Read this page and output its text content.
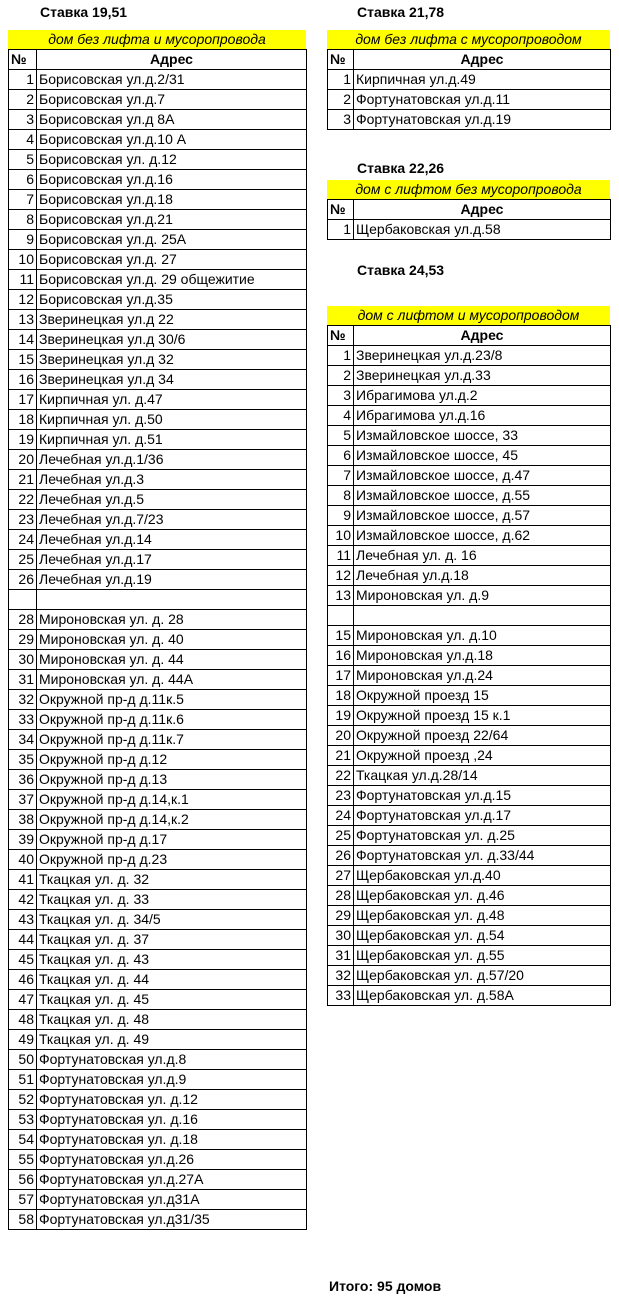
Ставка 19,51
дом без лифта и мусоропровода
№	Адрес
1	Борисовская ул.д.2/31
2	Борисовская ул.д.7
3	Борисовская ул.д 8А
4	Борисовская ул.д.10 А
5	Борисовская ул. д.12
6	Борисовская ул.д.16
7	Борисовская ул.д.18
8	Борисовская ул.д.21
9	Борисовская ул.д. 25А
10	Борисовская ул.д. 27
11	Борисовская ул.д. 29 общежитие
12	Борисовская ул.д.35
13	Зверинецкая ул.д 22
14	Зверинецкая ул.д 30/6
15	Зверинецкая ул.д 32
16	Зверинецкая ул.д 34
17	Кирпичная ул. д.47
18	Кирпичная ул. д.50
19	Кирпичная ул. д.51
20	Лечебная ул.д.1/36
21	Лечебная ул.д.3
22	Лечебная ул.д.5
23	Лечебная ул.д.7/23
24	Лечебная ул.д.14
25	Лечебная ул.д.17
26	Лечебная ул.д.19

28	Мироновская ул. д. 28
29	Мироновская ул. д. 40
30	Мироновская ул. д. 44
31	Мироновская ул. д. 44А
32	Окружной пр-д д.11к.5
33	Окружной пр-д д.11к.6
34	Окружной пр-д д.11к.7
35	Окружной пр-д д.12
36	Окружной пр-д д.13
37	Окружной пр-д д.14,к.1
38	Окружной пр-д д.14,к.2
39	Окружной пр-д д.17
40	Окружной пр-д д.23
41	Ткацкая ул. д. 32
42	Ткацкая ул. д. 33
43	Ткацкая ул. д. 34/5
44	Ткацкая ул. д. 37
45	Ткацкая ул. д. 43
46	Ткацкая ул. д. 44
47	Ткацкая ул. д. 45
48	Ткацкая ул. д. 48
49	Ткацкая ул. д. 49
50	Фортунатовская ул.д.8
51	Фортунатовская ул.д.9
52	Фортунатовская ул. д.12
53	Фортунатовская ул. д.16
54	Фортунатовская ул. д.18
55	Фортунатовская ул.д.26
56	Фортунатовская ул.д.27А
57	Фортунатовская ул.д31А
58	Фортунатовская ул.д31/35
Ставка 21,78
дом без лифта с мусоропроводом
№	Адрес
1	Кирпичная ул.д.49
2	Фортунатовская ул.д.11
3	Фортунатовская ул.д.19
Ставка 22,26
дом с лифтом без мусоропровода
№	Адрес
1	Щербаковская ул.д.58
Ставка 24,53
дом с лифтом и мусоропроводом
№	Адрес
1	Зверинецкая ул.д.23/8
2	Зверинецкая ул.д.33
3	Ибрагимова ул.д.2
4	Ибрагимова ул.д.16
5	Измайловское шоссе, 33
6	Измайловское шоссе, 45
7	Измайловское шоссе, д.47
8	Измайловское шоссе, д.55
9	Измайловское шоссе, д.57
10	Измайловское шоссе, д.62
11	Лечебная ул. д. 16
12	Лечебная ул.д.18
13	Мироновская ул. д.9

15	Мироновская ул. д.10
16	Мироновская ул.д.18
17	Мироновская ул.д.24
18	Окружной проезд 15
19	Окружной проезд 15 к.1
20	Окружной проезд 22/64
21	Окружной проезд ,24
22	Ткацкая ул.д.28/14
23	Фортунатовская ул.д.15
24	Фортунатовская ул.д.17
25	Фортунатовская ул. д.25
26	Фортунатовская ул. д.33/44
27	Щербаковская ул.д.40
28	Щербаковская ул. д.46
29	Щербаковская ул. д.48
30	Щербаковская ул. д.54
31	Щербаковская ул. д.55
32	Щербаковская ул. д.57/20
33	Щербаковская ул. д.58А
Итого: 95 домов
